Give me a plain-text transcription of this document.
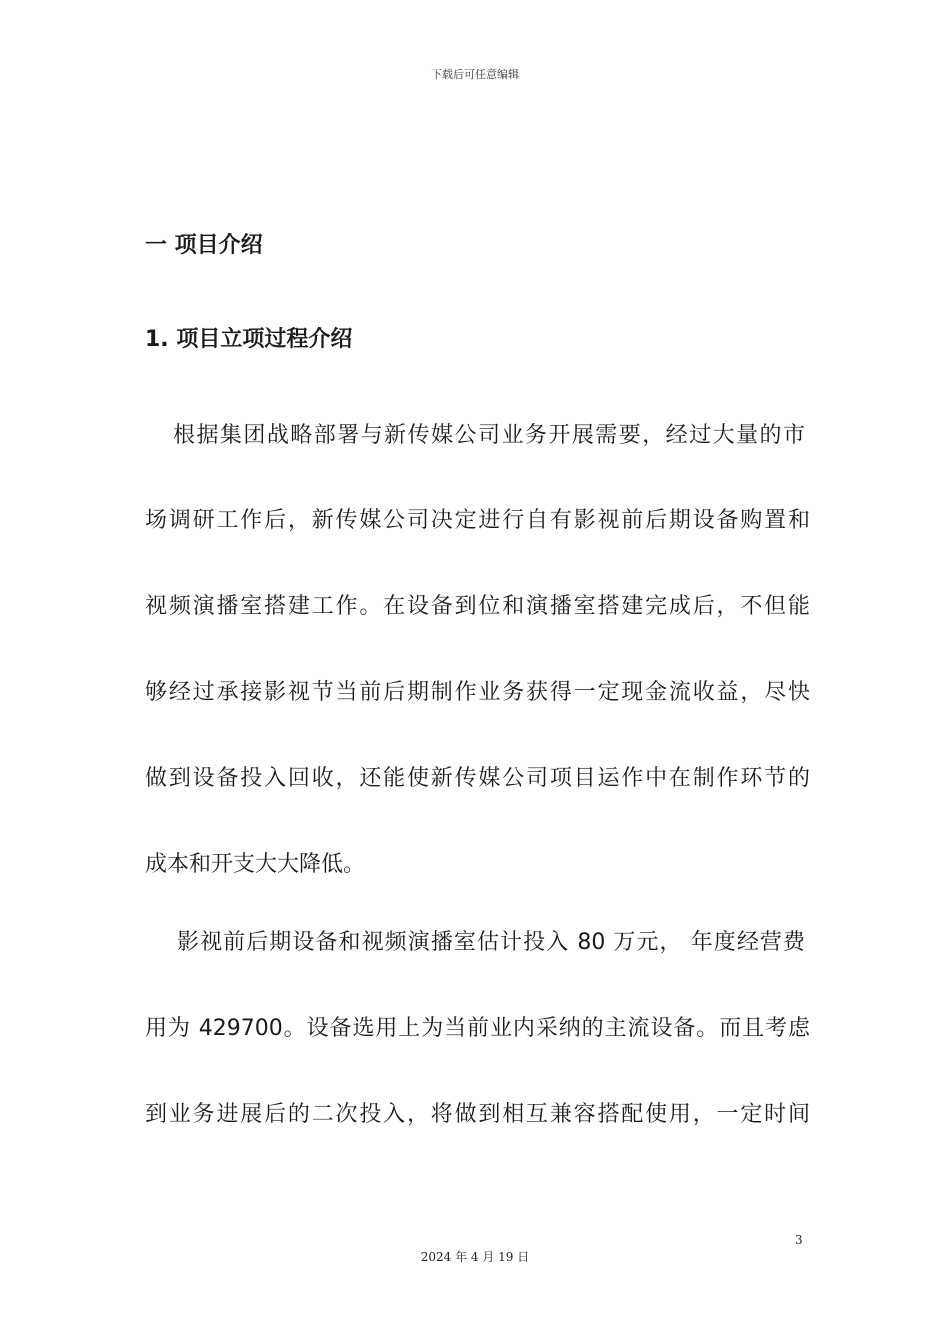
下载后可任意编辑
一 项目介绍
1. 项目立项过程介绍
根据集团战略部署与新传媒公司业务开展需要，经过大量的市
场调研工作后，新传媒公司决定进行自有影视前后期设备购置和
视频演播室搭建工作。在设备到位和演播室搭建完成后，不但能
够经过承接影视节当前后期制作业务获得一定现金流收益，尽快
做到设备投入回收，还能使新传媒公司项目运作中在制作环节的
成本和开支大大降低。
影视前后期设备和视频演播室估计投入 80 万元， 年度经营费
用为 429700。设备选用上为当前业内采纳的主流设备。而且考虑
到业务进展后的二次投入，将做到相互兼容搭配使用，一定时间
3
2024 年 4 月 19 日
